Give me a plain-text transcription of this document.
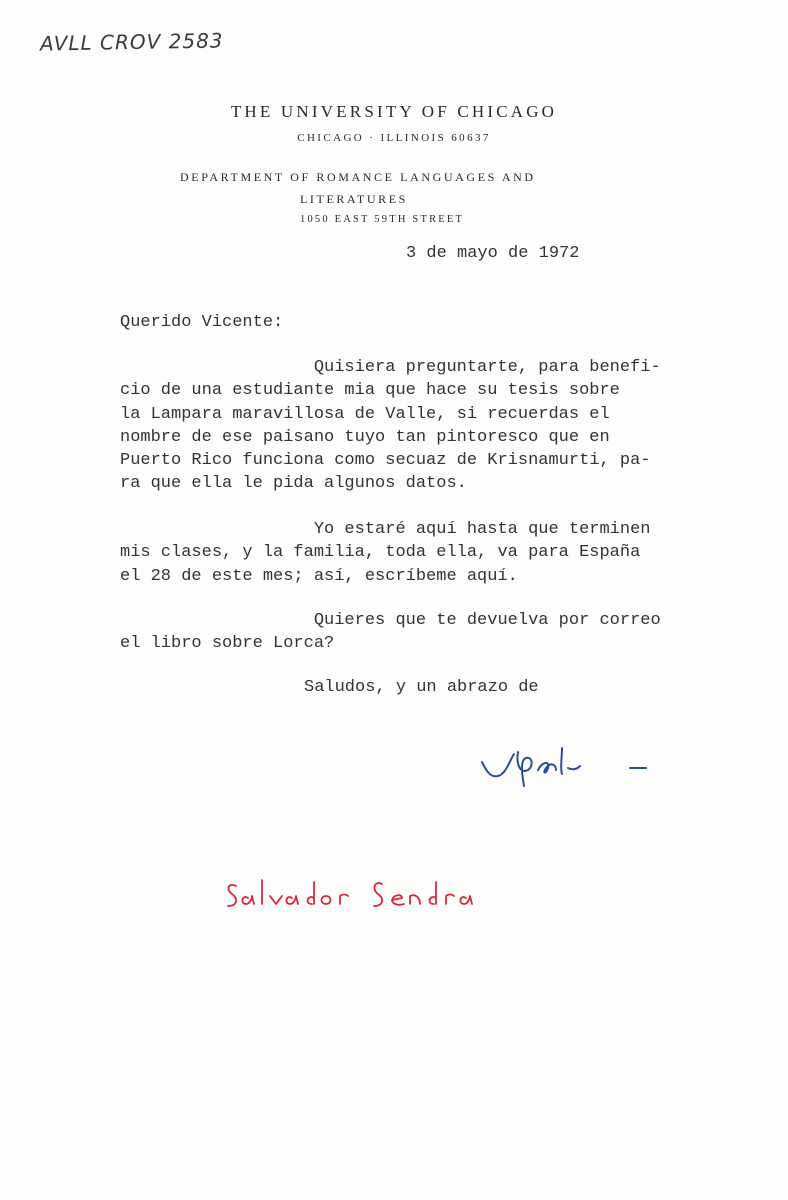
AVLL CROV 2583
THE UNIVERSITY OF CHICAGO
CHICAGO · ILLINOIS 60637
DEPARTMENT OF ROMANCE LANGUAGES AND
LITERATURES
1050 EAST 59TH STREET
3 de mayo de 1972
Querido Vicente:
Quisiera preguntarte, para benefi-
cio de una estudiante mia que hace su tesis sobre
la Lampara maravillosa de Valle, si recuerdas el
nombre de ese paisano tuyo tan pintoresco que en
Puerto Rico funciona como secuaz de Krisnamurti, pa-
ra que ella le pida algunos datos.
Yo estaré aquí hasta que terminen
mis clases, y la familia, toda ella, va para España
el 28 de este mes; así, escríbeme aquí.
Quieres que te devuelva por correo
el libro sobre Lorca?
Saludos, y un abrazo de
